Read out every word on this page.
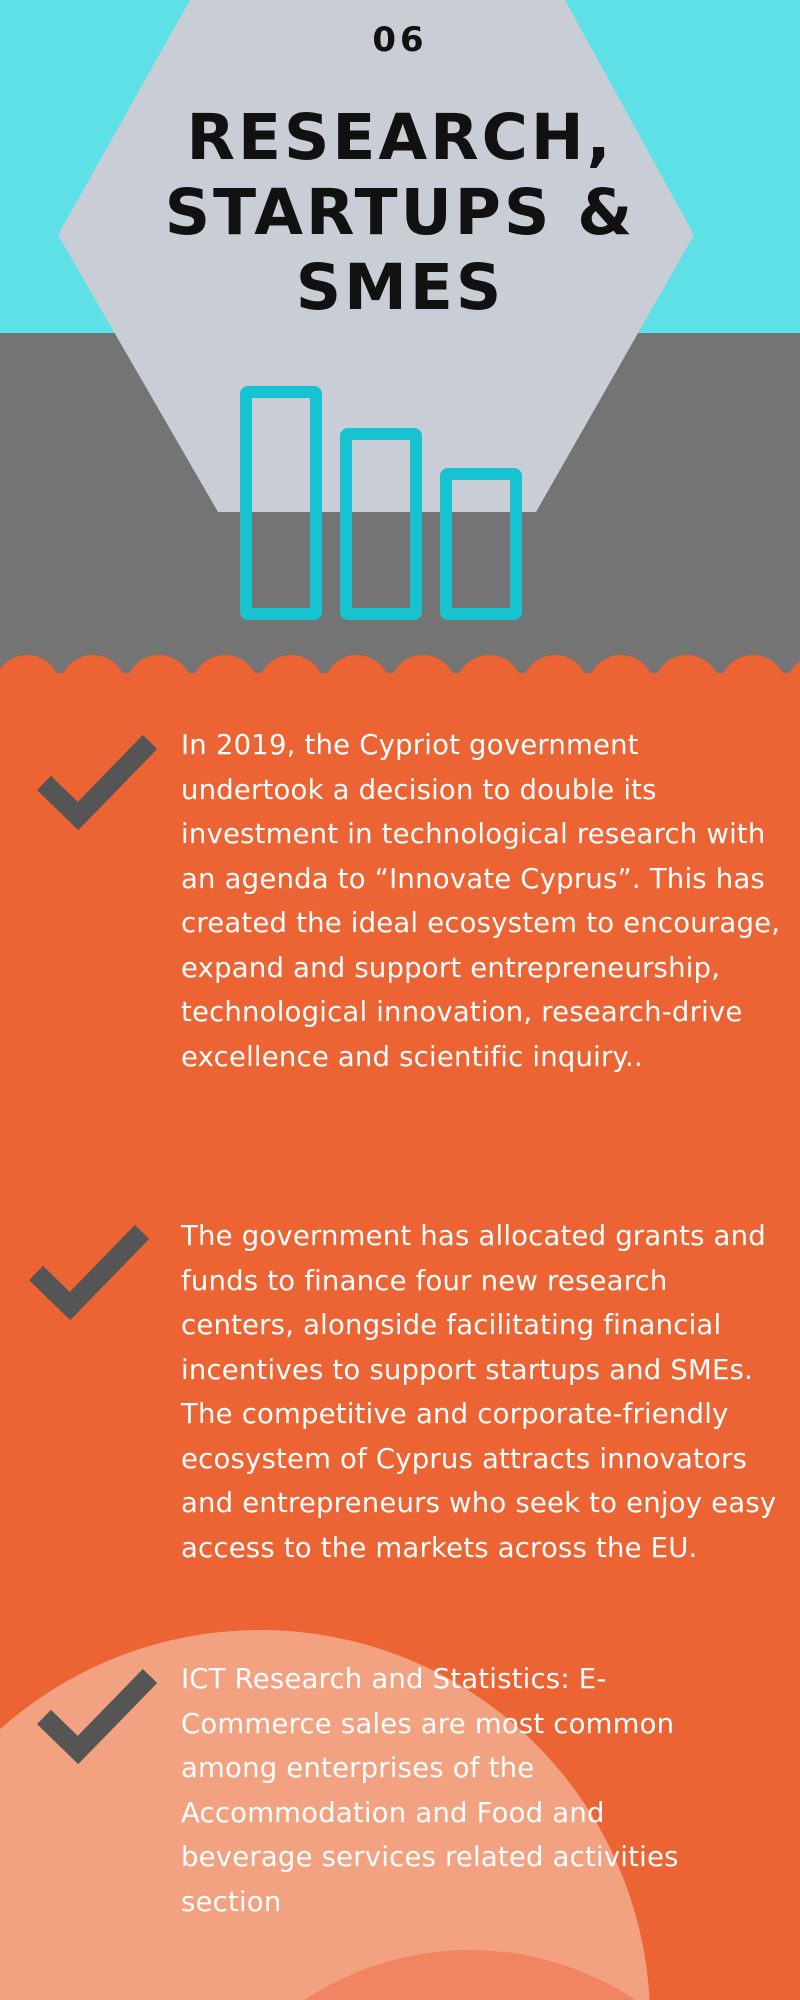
06
RESEARCH,
STARTUPS &
SMES

In 2019, the Cypriot government undertook a decision to double its investment in technological research with an agenda to “Innovate Cyprus”. This has created the ideal ecosystem to encourage, expand and support entrepreneurship, technological innovation, research-drive excellence and scientific inquiry..

The government has allocated grants and funds to finance four new research centers, alongside facilitating financial incentives to support startups and SMEs. The competitive and corporate-friendly ecosystem of Cyprus attracts innovators and entrepreneurs who seek to enjoy easy access to the markets across the EU.

ICT Research and Statistics: E-Commerce sales are most common among enterprises of the Accommodation and Food and beverage services related activities section
